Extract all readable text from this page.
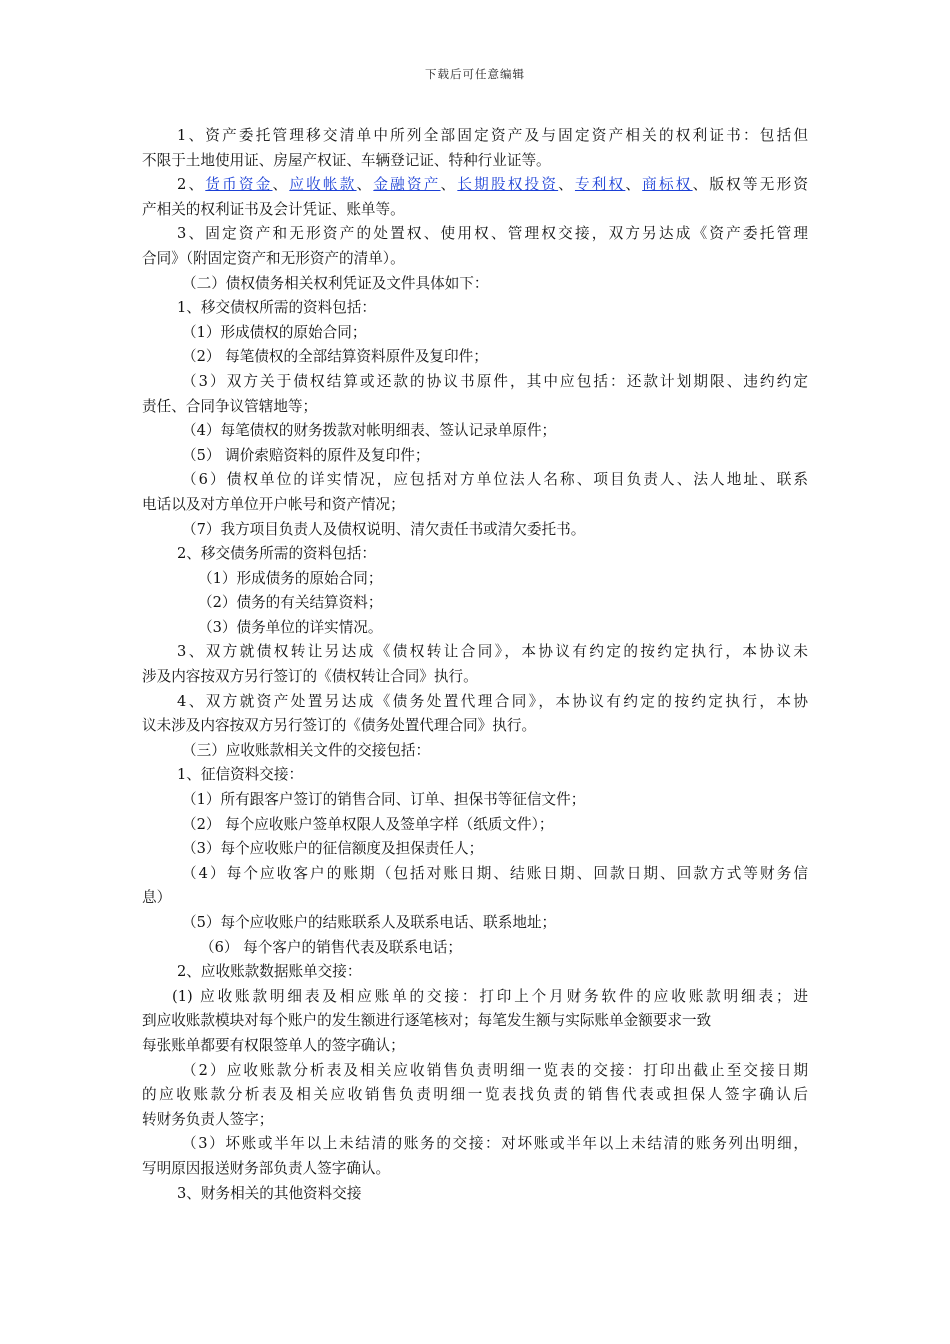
下载后可任意编辑
1、资产委托管理移交清单中所列全部固定资产及与固定资产相关的权利证书：包括但
不限于土地使用证、房屋产权证、车辆登记证、特种行业证等。
2、货币资金、应收帐款、金融资产、长期股权投资、专利权、商标权、版权等无形资
产相关的权利证书及会计凭证、账单等。
3、固定资产和无形资产的处置权、使用权、管理权交接，双方另达成《资产委托管理
合同》（附固定资产和无形资产的清单）。
（二）债权债务相关权利凭证及文件具体如下：
1、移交债权所需的资料包括：
（1）形成债权的原始合同；
（2） 每笔债权的全部结算资料原件及复印件；
（3）双方关于债权结算或还款的协议书原件，其中应包括：还款计划期限、违约约定
责任、合同争议管辖地等；
（4）每笔债权的财务拨款对帐明细表、签认记录单原件；
（5） 调价索赔资料的原件及复印件；
（6）债权单位的详实情况，应包括对方单位法人名称、项目负责人、法人地址、联系
电话以及对方单位开户帐号和资产情况；
（7）我方项目负责人及债权说明、清欠责任书或清欠委托书。
2、移交债务所需的资料包括：
（1）形成债务的原始合同；
（2）债务的有关结算资料；
（3）债务单位的详实情况。
3、双方就债权转让另达成《债权转让合同》，本协议有约定的按约定执行，本协议未
涉及内容按双方另行签订的《债权转让合同》执行。
4、双方就资产处置另达成《债务处置代理合同》，本协议有约定的按约定执行，本协
议未涉及内容按双方另行签订的《债务处置代理合同》执行。
（三）应收账款相关文件的交接包括：
1、征信资料交接：
（1）所有跟客户签订的销售合同、订单、担保书等征信文件；
（2） 每个应收账户签单权限人及签单字样（纸质文件）；
（3）每个应收账户的征信额度及担保责任人；
（4）每个应收客户的账期（包括对账日期、结账日期、回款日期、回款方式等财务信
息）
（5）每个应收账户的结账联系人及联系电话、联系地址；
（6） 每个客户的销售代表及联系电话；
2、应收账款数据账单交接：
(1) 应收账款明细表及相应账单的交接：打印上个月财务软件的应收账款明细表；进
到应收账款模块对每个账户的发生额进行逐笔核对；每笔发生额与实际账单金额要求一致
每张账单都要有权限签单人的签字确认；
（2）应收账款分析表及相关应收销售负责明细一览表的交接：打印出截止至交接日期
的应收账款分析表及相关应收销售负责明细一览表找负责的销售代表或担保人签字确认后
转财务负责人签字；
（3）坏账或半年以上未结清的账务的交接：对坏账或半年以上未结清的账务列出明细，
写明原因报送财务部负责人签字确认。
3、财务相关的其他资料交接
